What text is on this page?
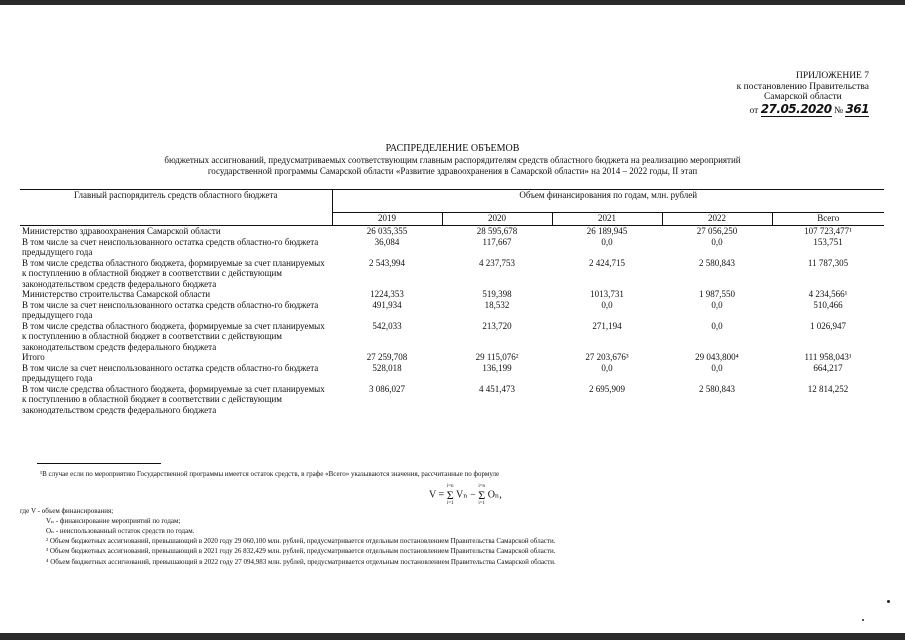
ПРИЛОЖЕНИЕ 7
к постановлению Правительства
Самарской области
от 27.05.2020 № 361
РАСПРЕДЕЛЕНИЕ ОБЪЕМОВ
бюджетных ассигнований, предусматриваемых соответствующим главным распорядителям средств областного бюджета на реализацию мероприятий
государственной программы Самарской области «Развитие здравоохранения в Самарской области» на 2014 – 2022 годы, II этап
Главный распорядитель средств областного бюджета	Объем финансирования по годам, млн. рублей				
	2019	2020	2021	2022	Всего
Министерство здравоохранения Самарской области	26 035,355	28 595,678	26 189,945	27 056,250	107 723,477¹
В том числе за счет неиспользованного остатка средств областно-го бюджета предыдущего года	36,084	117,667	0,0	0,0	153,751
В том числе средства областного бюджета, формируемые за счет планируемых к поступлению в областной бюджет в соответствии с действующим законодательством средств федерального бюджета	2 543,994	4 237,753	2 424,715	2 580,843	11 787,305
Министерство строительства Самарской области	1224,353	519,398	1013,731	1 987,550	4 234,566¹
В том числе за счет неиспользованного остатка средств областно-го бюджета предыдущего года	491,934	18,532	0,0	0,0	510,466
В том числе средства областного бюджета, формируемые за счет планируемых к поступлению в областной бюджет в соответствии с действующим законодательством средств федерального бюджета	542,033	213,720	271,194	0,0	1 026,947
Итого	27 259,708	29 115,076²	27 203,676³	29 043,800⁴	111 958,043¹
В том числе за счет неиспользованного остатка средств областно-го бюджета предыдущего года	528,018	136,199	0,0	0,0	664,217
В том числе средства областного бюджета, формируемые за счет планируемых к поступлению в областной бюджет в соответствии с действующим законодательством средств федерального бюджета	3 086,027	4 451,473	2 695,909	2 580,843	12 814,252
¹В случае если по мероприятию Государственной программы имеется остаток средств, в графе «Всего» указываются значения, рассчитанные по формуле
V =
i=n
Σ
i=1
Vₙ −
i=n
Σ
i=1
Oₙ,
где V - объем финансирования;
Vₙ - финансирование мероприятий по годам;
Oₙ - неиспользованный остаток средств по годам.
² Объем бюджетных ассигнований, превышающий в 2020 году 29 060,100 млн. рублей, предусматривается отдельным постановлением Правительства Самарской области.
³ Объем бюджетных ассигнований, превышающий в 2021 году 26 832,429 млн. рублей, предусматривается отдельным постановлением Правительства Самарской области.
⁴ Объем бюджетных ассигнований, превышающий в 2022 году 27 094,983 млн. рублей, предусматривается отдельным постановлением Правительства Самарской области.
